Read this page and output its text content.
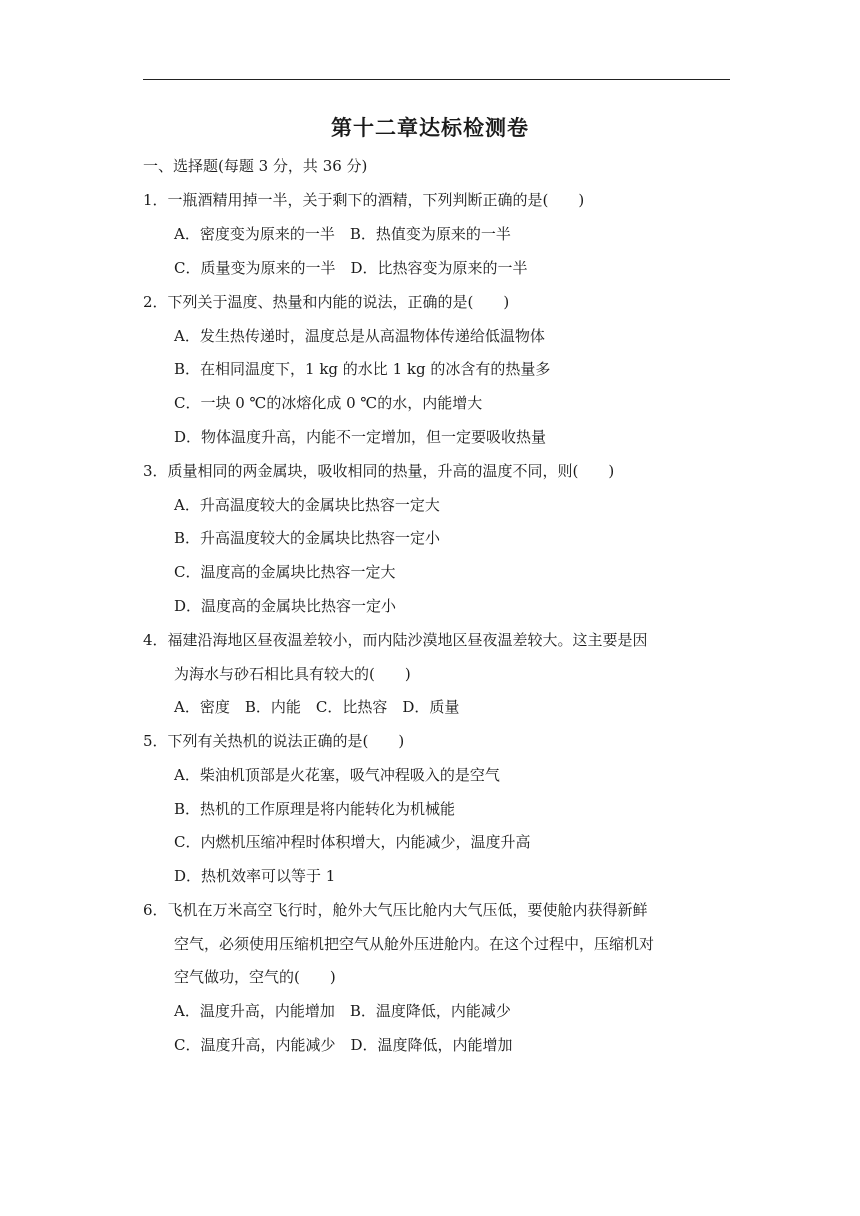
第十二章达标检测卷
一、选择题(每题 3 分，共 36 分)
1．一瓶酒精用掉一半，关于剩下的酒精，下列判断正确的是(　　)
A．密度变为原来的一半　B．热值变为原来的一半
C．质量变为原来的一半　D．比热容变为原来的一半
2．下列关于温度、热量和内能的说法，正确的是(　　)
A．发生热传递时，温度总是从高温物体传递给低温物体
B．在相同温度下，1 kg 的水比 1 kg 的冰含有的热量多
C．一块 0 ℃的冰熔化成 0 ℃的水，内能增大
D．物体温度升高，内能不一定增加，但一定要吸收热量
3．质量相同的两金属块，吸收相同的热量，升高的温度不同，则(　　)
A．升高温度较大的金属块比热容一定大
B．升高温度较大的金属块比热容一定小
C．温度高的金属块比热容一定大
D．温度高的金属块比热容一定小
4．福建沿海地区昼夜温差较小，而内陆沙漠地区昼夜温差较大。这主要是因
为海水与砂石相比具有较大的(　　)
A．密度　B．内能　C．比热容　D．质量
5．下列有关热机的说法正确的是(　　)
A．柴油机顶部是火花塞，吸气冲程吸入的是空气
B．热机的工作原理是将内能转化为机械能
C．内燃机压缩冲程时体积增大，内能减少，温度升高
D．热机效率可以等于 1
6．飞机在万米高空飞行时，舱外大气压比舱内大气压低，要使舱内获得新鲜
空气，必须使用压缩机把空气从舱外压进舱内。在这个过程中，压缩机对
空气做功，空气的(　　)
A．温度升高，内能增加　B．温度降低，内能减少
C．温度升高，内能减少　D．温度降低，内能增加
